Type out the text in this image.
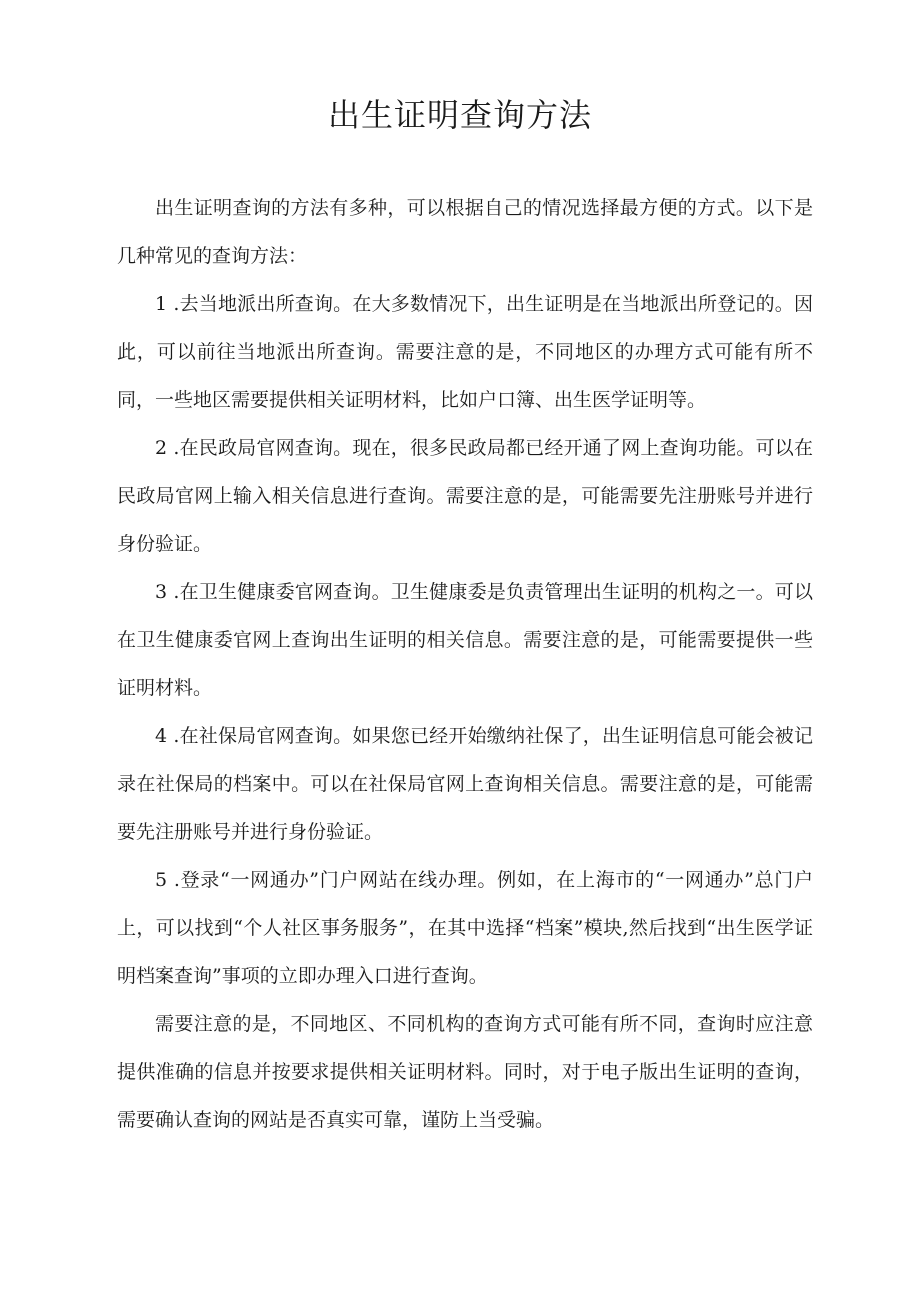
出生证明查询方法

出生证明查询的方法有多种，可以根据自己的情况选择最方便的方式。以下是几种常见的查询方法：

1 .去当地派出所查询。在大多数情况下，出生证明是在当地派出所登记的。因此，可以前往当地派出所查询。需要注意的是，不同地区的办理方式可能有所不同，一些地区需要提供相关证明材料，比如户口簿、出生医学证明等。

2 .在民政局官网查询。现在，很多民政局都已经开通了网上查询功能。可以在民政局官网上输入相关信息进行查询。需要注意的是，可能需要先注册账号并进行身份验证。

3 .在卫生健康委官网查询。卫生健康委是负责管理出生证明的机构之一。可以在卫生健康委官网上查询出生证明的相关信息。需要注意的是，可能需要提供一些证明材料。

4 .在社保局官网查询。如果您已经开始缴纳社保了，出生证明信息可能会被记录在社保局的档案中。可以在社保局官网上查询相关信息。需要注意的是，可能需要先注册账号并进行身份验证。

5 .登录“一网通办”门户网站在线办理。例如，在上海市的“一网通办”总门户上，可以找到“个人社区事务服务”，在其中选择“档案”模块,然后找到“出生医学证明档案查询”事项的立即办理入口进行查询。

需要注意的是，不同地区、不同机构的查询方式可能有所不同，查询时应注意提供准确的信息并按要求提供相关证明材料。同时，对于电子版出生证明的查询，需要确认查询的网站是否真实可靠，谨防上当受骗。
